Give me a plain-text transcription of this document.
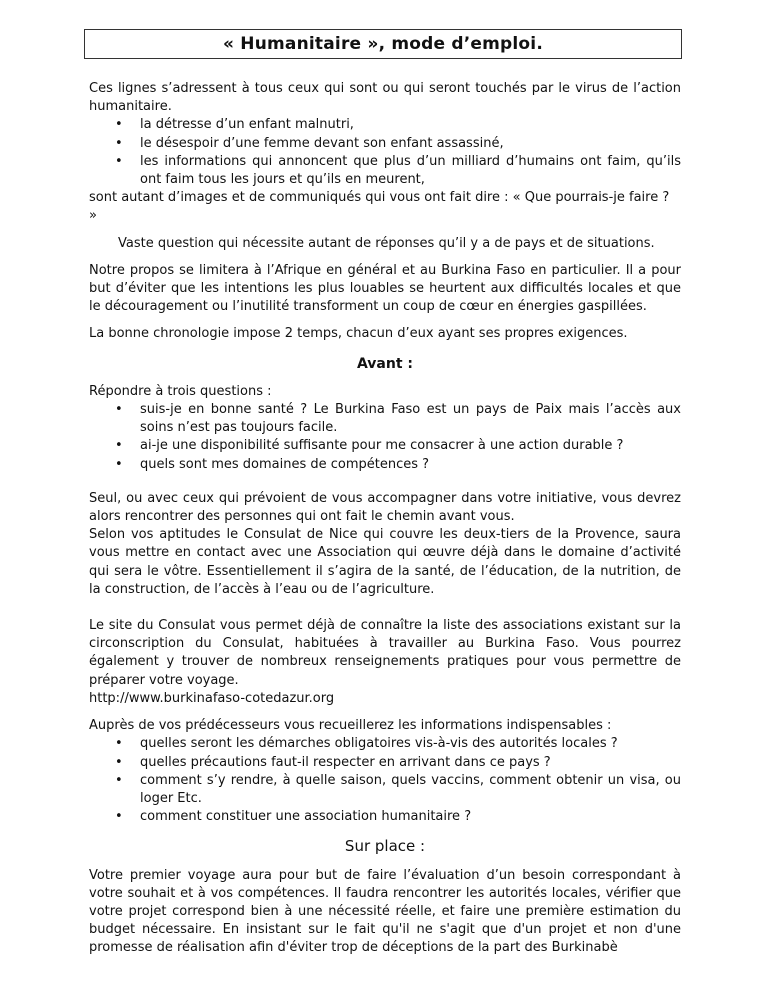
« Humanitaire », mode d’emploi.

Ces lignes s’adressent à tous ceux qui sont ou qui seront touchés par le virus de l’action humanitaire.

• la détresse d’un enfant malnutri,
• le désespoir d’une femme devant son enfant assassiné,
• les informations qui annoncent que plus d’un milliard d’humains ont faim, qu’ils ont faim tous les jours et qu’ils en meurent,

sont autant d’images et de communiqués qui vous ont fait dire : « Que pourrais-je faire ? »

Vaste question qui nécessite autant de réponses qu’il y a de pays et de situations.

Notre propos se limitera à l’Afrique en général et au Burkina Faso en particulier. Il a pour but d’éviter que les intentions les plus louables se heurtent aux difficultés locales et que le découragement ou l’inutilité transforment un coup de cœur en énergies gaspillées.

La bonne chronologie impose 2 temps, chacun d’eux ayant ses propres exigences.

Avant :

Répondre à trois questions :

• suis-je en bonne santé ? Le Burkina Faso est un pays de Paix mais l’accès aux soins n’est pas toujours facile.
• ai-je une disponibilité suffisante pour me consacrer à une action durable ?
• quels sont mes domaines de compétences ?

Seul, ou avec ceux qui prévoient de vous accompagner dans votre initiative, vous devrez alors rencontrer des personnes qui ont fait le chemin avant vous.

Selon vos aptitudes le Consulat de Nice qui couvre les deux-tiers de la Provence, saura vous mettre en contact avec une Association qui œuvre déjà dans le domaine d’activité qui sera le vôtre. Essentiellement il s’agira de la santé, de l’éducation, de la nutrition, de la construction, de l’accès à l’eau ou de l’agriculture.

Le site du Consulat vous permet déjà de connaître la liste des associations existant sur la circonscription du Consulat, habituées à travailler au Burkina Faso. Vous pourrez également y trouver de nombreux renseignements pratiques pour vous permettre de préparer votre voyage.

http://www.burkinafaso-cotedazur.org

Auprès de vos prédécesseurs vous recueillerez les informations indispensables :

• quelles seront les démarches obligatoires vis-à-vis des autorités locales ?
• quelles précautions faut-il respecter en arrivant dans ce pays ?
• comment s’y rendre, à quelle saison, quels vaccins, comment obtenir un visa, ou loger Etc.
• comment constituer une association humanitaire ?
Sur place :

Votre premier voyage aura pour but de faire l’évaluation d’un besoin correspondant à votre souhait et à vos compétences. Il faudra rencontrer les autorités locales, vérifier que votre projet correspond bien à une nécessité réelle, et faire une première estimation du budget nécessaire. En insistant sur le fait qu'il ne s'agit que d'un projet et non d'une promesse de réalisation afin d'éviter trop de déceptions de la part des Burkinabè
